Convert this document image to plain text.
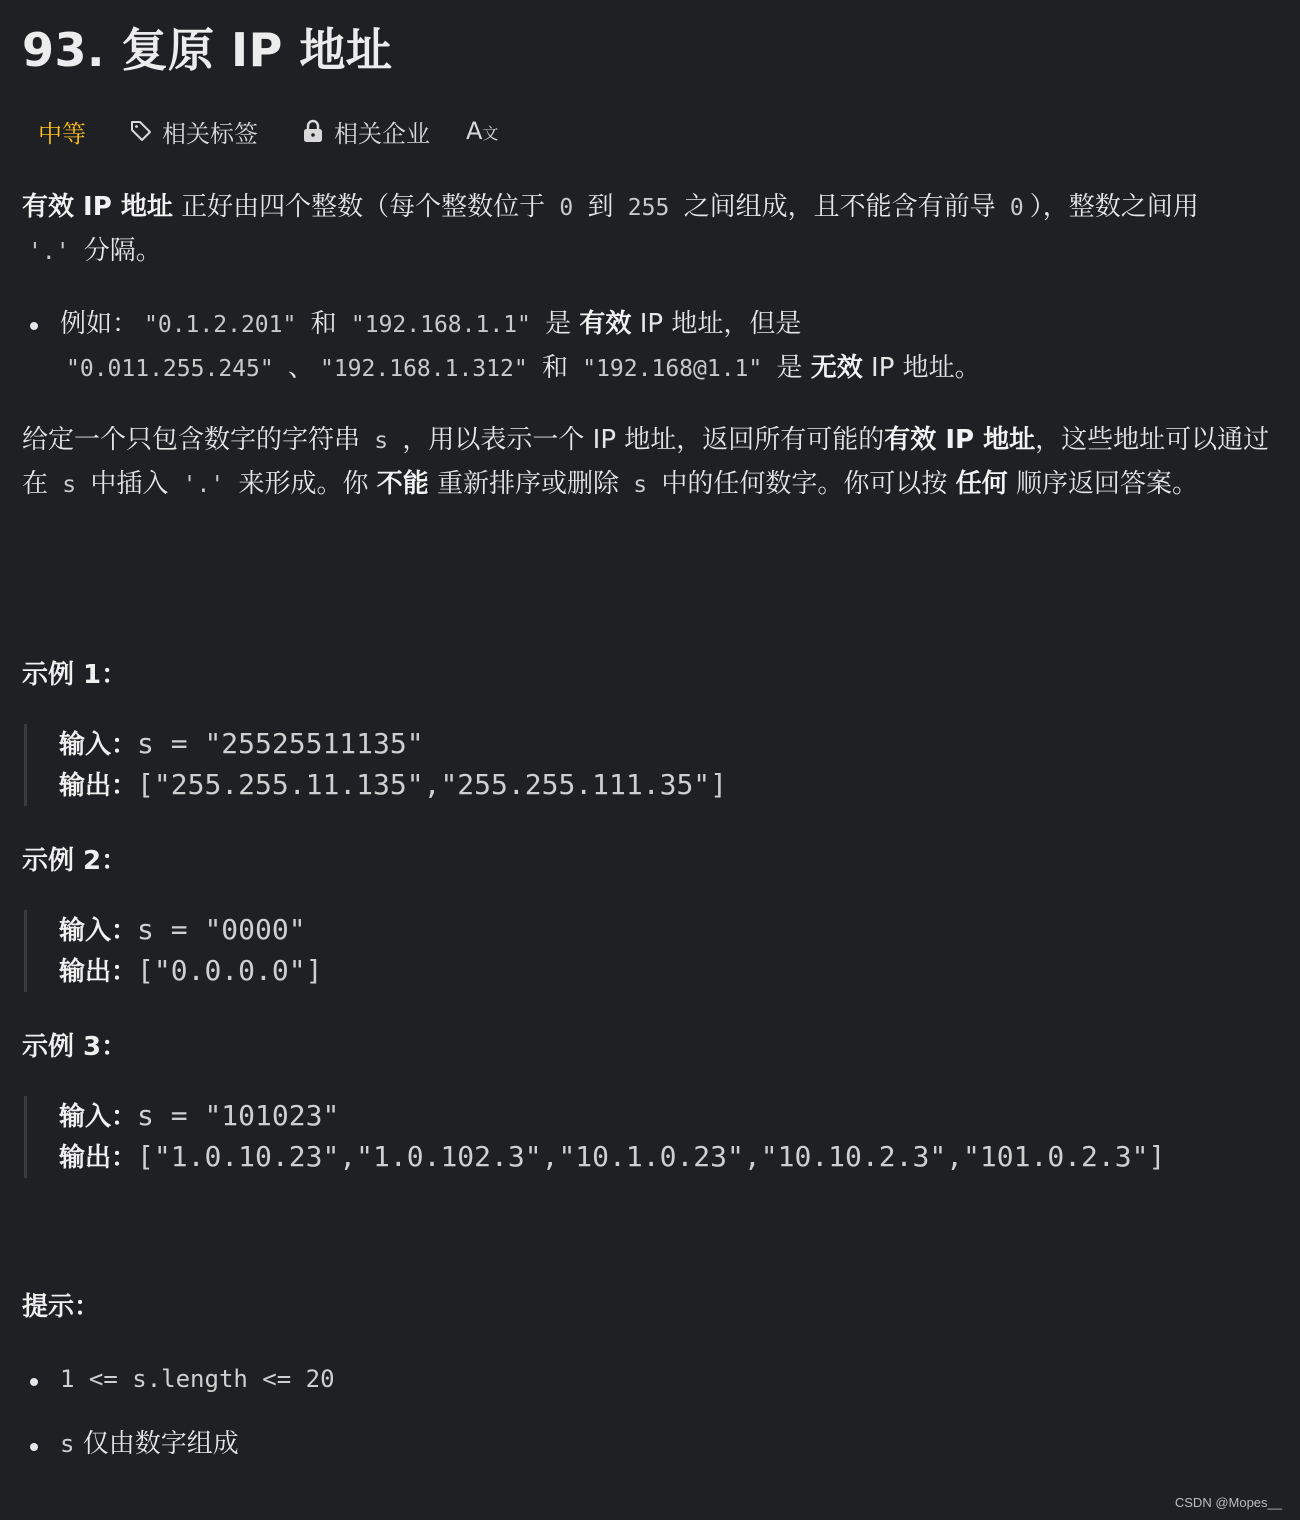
93. 复原 IP 地址
中等	相关标签	相关企业 A文
有效 IP 地址 正好由四个整数（每个整数位于 0 到 255 之间组成，且不能含有前导 0 ），整数之间用
'.' 分隔。
例如： "0.1.2.201" 和 "192.168.1.1" 是 有效 IP 地址，但是
"0.011.255.245" 、 "192.168.1.312" 和 "192.168@1.1" 是 无效 IP 地址。
给定一个只包含数字的字符串 s ，用以表示一个 IP 地址，返回所有可能的有效 IP 地址，这些地址可以通过在 s 中插入 '.' 来形成。你 不能 重新排序或删除 s 中的任何数字。你可以按 任何 顺序返回答案。
示例 1：
输入：s = "25525511135"
输出：["255.255.11.135","255.255.111.35"]
示例 2：
输入：s = "0000"
输出：["0.0.0.0"]
示例 3：
输入：s = "101023"
输出：["1.0.10.23","1.0.102.3","10.1.0.23","10.10.2.3","101.0.2.3"]
提示：
1 <= s.length <= 20
s 仅由数字组成
CSDN @Mopes__
